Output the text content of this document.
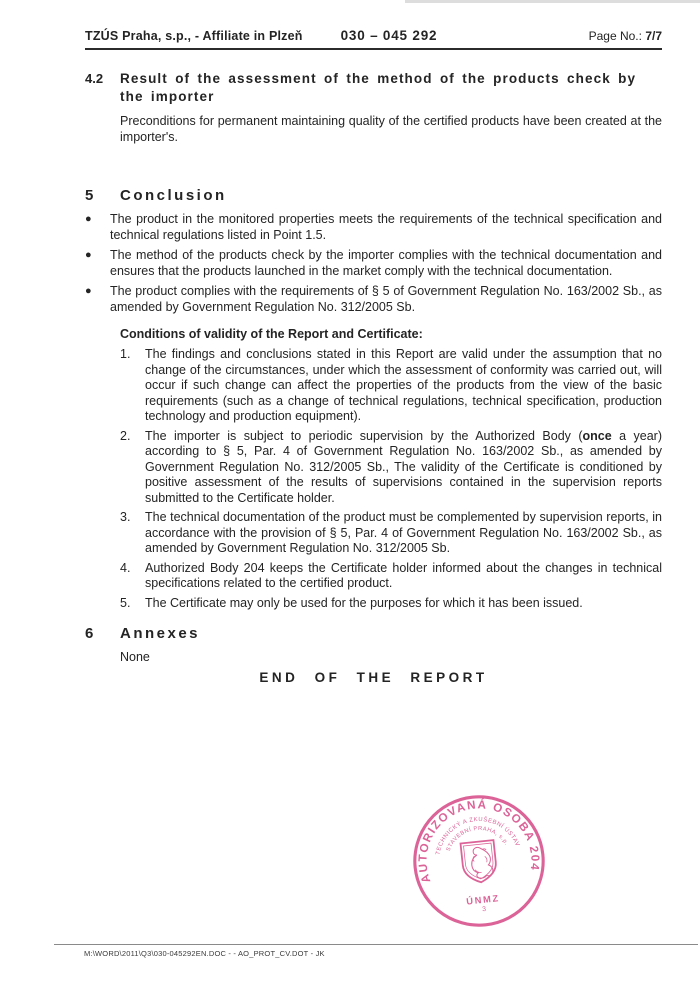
TZÚS Praha, s.p., - Affiliate in Plzeň	030 – 045 292	Page No.: 7/7
4.2	Result of the assessment of the method of the products check by the importer
Preconditions for permanent maintaining quality of the certified products have been created at the importer's.
5	Conclusion
●	The product in the monitored properties meets the requirements of the technical specification and technical regulations listed in Point 1.5.
●	The method of the products check by the importer complies with the technical documentation and ensures that the products launched in the market comply with the technical documentation.
●	The product complies with the requirements of § 5 of Government Regulation No. 163/2002 Sb., as amended by Government Regulation No. 312/2005 Sb.
Conditions of validity of the Report and Certificate:
1.	The findings and conclusions stated in this Report are valid under the assumption that no change of the circumstances, under which the assessment of conformity was carried out, will occur if such change can affect the properties of the products from the view of the basic requirements (such as a change of technical regulations, technical specification, production technology and production equipment).
2.	The importer is subject to periodic supervision by the Authorized Body (once a year) according to § 5, Par. 4 of Government Regulation No. 163/2002 Sb., as amended by Government Regulation No. 312/2005 Sb., The validity of the Certificate is conditioned by positive assessment of the results of supervisions contained in the supervision reports submitted to the Certificate holder.
3.	The technical documentation of the product must be complemented by supervision reports, in accordance with the provision of § 5, Par. 4 of Government Regulation No. 163/2002 Sb., as amended by Government Regulation No. 312/2005 Sb.
4.	Authorized Body 204 keeps the Certificate holder informed about the changes in technical specifications related to the certified product.
5.	The Certificate may only be used for the purposes for which it has been issued.
6	Annexes
None
END OF THE REPORT
AUTORIZOVANÁ OSOBA 204
TECHNICKÝ A ZKUŠEBNÍ ÚSTAV
STAVEBNÍ PRAHA, s.p.
ÚNMZ
3
M:\WORD\2011\Q3\030-045292EN.DOC - - AO_PROT_CV.DOT - JK
